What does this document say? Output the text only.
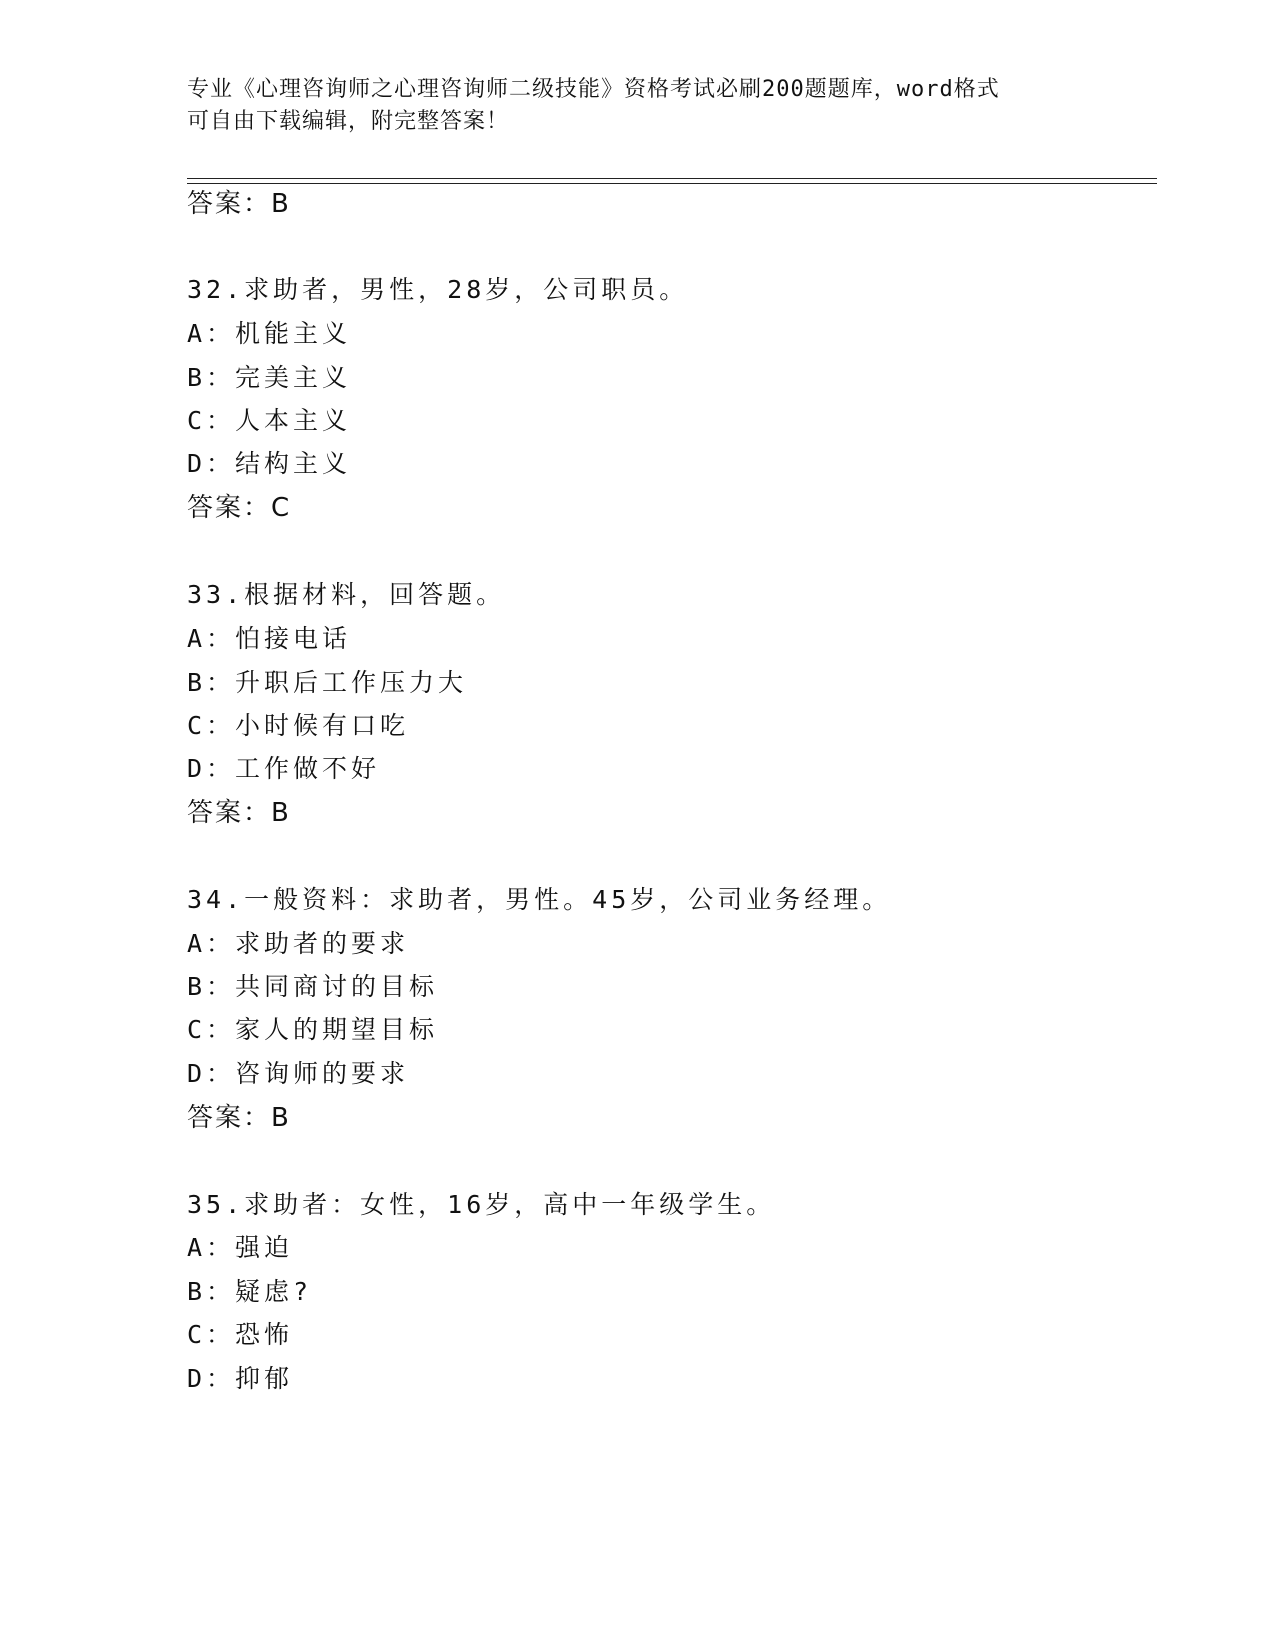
专业《心理咨询师之心理咨询师二级技能》资格考试必刷200题题库，word格式
可自由下载编辑，附完整答案！
答案：B
32.求助者，男性，28岁，公司职员。
A：机能主义
B：完美主义
C：人本主义
D：结构主义
答案：C
33.根据材料，回答题。
A：怕接电话
B：升职后工作压力大
C：小时候有口吃
D：工作做不好
答案：B
34.一般资料：求助者，男性。45岁，公司业务经理。
A：求助者的要求
B：共同商讨的目标
C：家人的期望目标
D：咨询师的要求
答案：B
35.求助者：女性，16岁，高中一年级学生。
A：强迫
B：疑虑?
C：恐怖
D：抑郁
